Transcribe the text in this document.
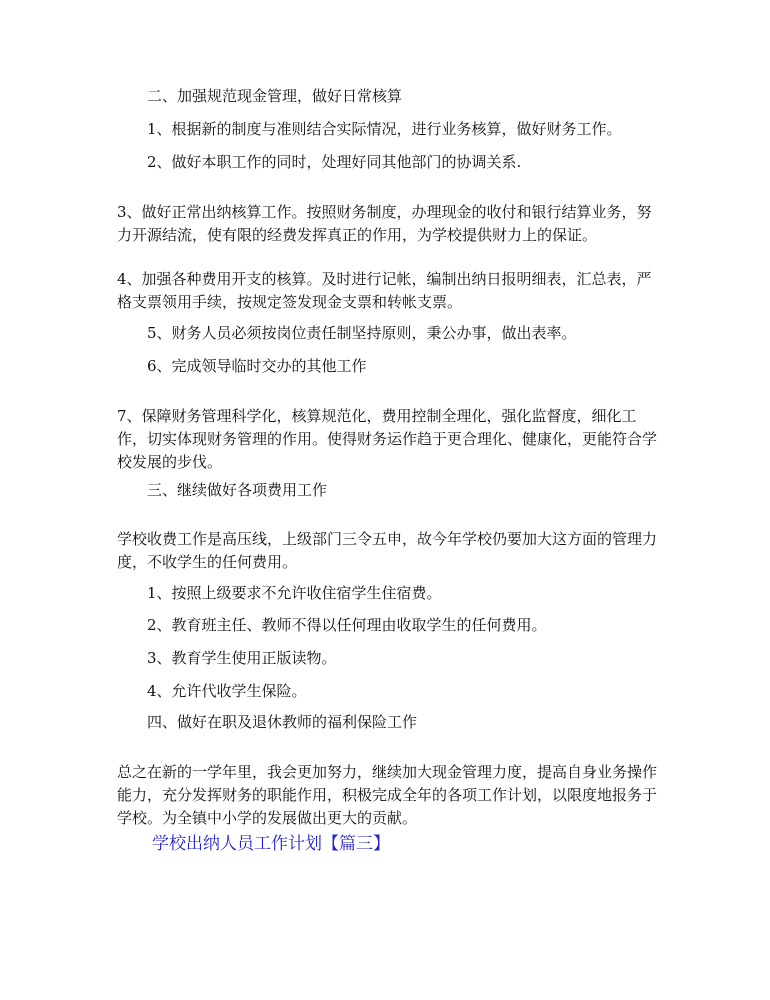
二、加强规范现金管理，做好日常核算
1、根据新的制度与准则结合实际情况，进行业务核算，做好财务工作。
2、做好本职工作的同时，处理好同其他部门的协调关系.
3、做好正常出纳核算工作。按照财务制度，办理现金的收付和银行结算业务，努力开源结流，使有限的经费发挥真正的作用，为学校提供财力上的保证。
4、加强各种费用开支的核算。及时进行记帐，编制出纳日报明细表，汇总表，严格支票领用手续，按规定签发现金支票和转帐支票。
5、财务人员必须按岗位责任制坚持原则，秉公办事，做出表率。
6、完成领导临时交办的其他工作
7、保障财务管理科学化，核算规范化，费用控制全理化，强化监督度，细化工作，切实体现财务管理的作用。使得财务运作趋于更合理化、健康化，更能符合学校发展的步伐。
三、继续做好各项费用工作
学校收费工作是高压线，上级部门三令五申，故今年学校仍要加大这方面的管理力度，不收学生的任何费用。
1、按照上级要求不允许收住宿学生住宿费。
2、教育班主任、教师不得以任何理由收取学生的任何费用。
3、教育学生使用正版读物。
4、允许代收学生保险。
四、做好在职及退休教师的福利保险工作
总之在新的一学年里，我会更加努力，继续加大现金管理力度，提高自身业务操作能力，充分发挥财务的职能作用，积极完成全年的各项工作计划，以限度地报务于学校。为全镇中小学的发展做出更大的贡献。
学校出纳人员工作计划【篇三】
